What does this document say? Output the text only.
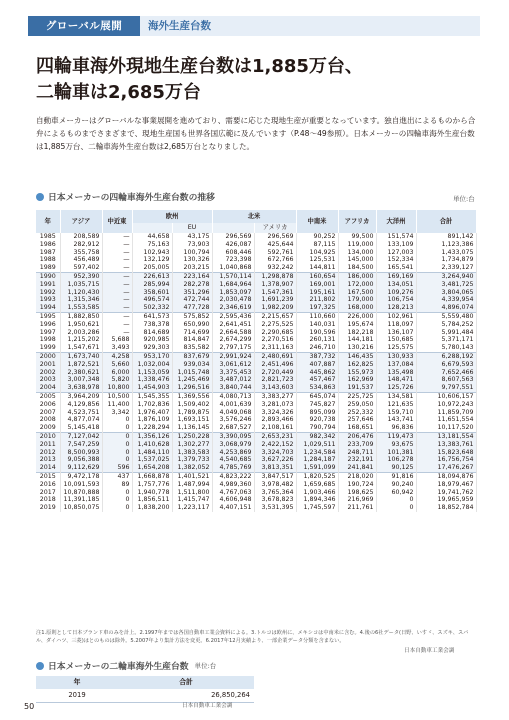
グローバル展開	海外生産台数
四輪車海外現地生産台数は1,885万台、
二輪車は2,685万台

自動車メーカーはグローバルな事業展開を進めており、需要に応じた現地生産が重要となっています。独自進出によるものから合弁によるものまでさまざまで、現地生産国も世界各国広範に及んでいます（P.48〜49参照）。日本メーカーの四輪車海外生産台数は1,885万台、二輪車海外生産台数は2,685万台となりました。

日本メーカーの四輪車海外生産台数の推移	単位:台
年	アジア	中近東	欧州		北米		中南米	アフリカ	大洋州	合計
				EU		アメリカ				
1985	208,589	—	44,658	43,175	296,569	296,569	90,252	99,500	151,574	891,142
1986	282,912	—	75,163	73,903	426,087	425,644	87,115	119,000	133,109	1,123,386
1987	355,758	—	102,943	100,794	608,446	592,761	104,925	134,000	127,003	1,433,075
1988	456,489	—	132,129	130,326	723,398	672,766	125,531	145,000	152,334	1,734,879
1989	597,402	—	205,005	203,215	1,040,868	932,242	144,811	184,500	165,541	2,339,127
1990	952,390	—	226,613	223,164	1,570,114	1,298,878	160,654	186,000	169,169	3,264,940
1991	1,035,715	—	285,994	282,278	1,684,964	1,378,907	169,001	172,000	134,051	3,481,725
1992	1,120,430	—	358,601	351,296	1,853,097	1,547,361	195,161	167,500	109,276	3,804,065
1993	1,315,346	—	496,574	472,744	2,030,478	1,691,239	211,802	179,000	106,754	4,339,954
1994	1,553,585	—	502,332	477,728	2,346,619	1,982,209	197,325	168,000	128,213	4,896,074
1995	1,882,850	—	641,573	575,852	2,595,436	2,215,657	110,660	226,000	102,961	5,559,480
1996	1,950,621	—	738,378	650,990	2,641,451	2,275,525	140,031	195,674	118,097	5,784,252
1997	2,003,286	—	814,689	714,699	2,664,588	2,290,685	190,596	182,218	136,107	5,991,484
1998	1,215,202	5,688	920,985	814,847	2,674,299	2,270,516	260,131	144,181	150,685	5,371,171
1999	1,547,671	3,493	929,303	835,582	2,797,175	2,311,163	246,710	130,216	125,575	5,780,143
2000	1,673,740	4,258	953,170	837,679	2,991,924	2,480,691	387,732	146,435	130,933	6,288,192
2001	1,872,521	5,660	1,032,004	939,034	3,061,612	2,451,496	407,887	162,825	137,084	6,679,593
2002	2,380,621	6,000	1,153,059	1,015,748	3,375,453	2,720,449	445,862	155,973	135,498	7,652,466
2003	3,007,348	5,820	1,338,476	1,245,469	3,487,012	2,821,723	457,467	162,969	148,471	8,607,563
2004	3,638,978	10,800	1,454,903	1,296,516	3,840,744	3,143,603	534,863	191,537	125,726	9,797,551
2005	3,964,209	10,500	1,545,355	1,369,556	4,080,713	3,383,277	645,074	225,725	134,581	10,606,157
2006	4,129,856	11,400	1,702,836	1,509,402	4,001,639	3,281,073	745,827	259,050	121,635	10,972,243
2007	4,523,751	3,342	1,976,407	1,789,875	4,049,068	3,324,326	895,099	252,332	159,710	11,859,709
2008	4,877,074	0	1,876,109	1,693,151	3,576,246	2,893,466	920,738	257,646	143,741	11,651,554
2009	5,145,418	0	1,228,294	1,136,145	2,687,527	2,108,161	790,794	168,651	96,836	10,117,520
2010	7,127,042	0	1,356,126	1,250,228	3,390,095	2,653,231	982,342	206,476	119,473	13,181,554
2011	7,547,259	0	1,410,628	1,302,277	3,068,979	2,422,152	1,029,511	233,709	93,675	13,383,761
2012	8,500,993	0	1,484,110	1,383,583	4,253,869	3,324,703	1,234,584	248,711	101,381	15,823,648
2013	9,056,388	0	1,537,025	1,379,733	4,540,685	3,627,226	1,284,187	232,191	106,278	16,756,754
2014	9,112,629	596	1,654,208	1,382,052	4,785,769	3,813,351	1,591,099	241,841	90,125	17,476,267
2015	9,472,178	437	1,668,878	1,401,521	4,823,222	3,847,517	1,820,525	218,020	91,816	18,094,876
2016	10,091,593	89	1,757,776	1,487,994	4,989,360	3,978,482	1,659,685	190,724	90,240	18,979,467
2017	10,870,888	0	1,940,778	1,511,800	4,767,063	3,765,364	1,903,466	198,625	60,942	19,741,762
2018	11,391,185	0	1,856,511	1,415,747	4,606,948	3,678,823	1,894,346	216,969	0	19,965,959
2019	10,850,075	0	1,838,200	1,223,117	4,407,151	3,531,395	1,745,597	211,761	0	18,852,784

注1.原則として日本ブランド車のみを計上。2.1997年までは各国自動車工業会資料による。3.トルコは欧州に、メキシコは中南米に含む。4.後の6社データ(日野、いすゞ、スズキ、スバル、ダイハツ、三菱)はとのものは除外。5.2007年より集計方法を変更。6.2017年12月実績より、一部企業データ分類を含まない。

日本自動車工業会調
日本メーカーの二輪車海外生産台数 単位:台
年	合計
2019	26,850,264
日本自動車工業会調
50
